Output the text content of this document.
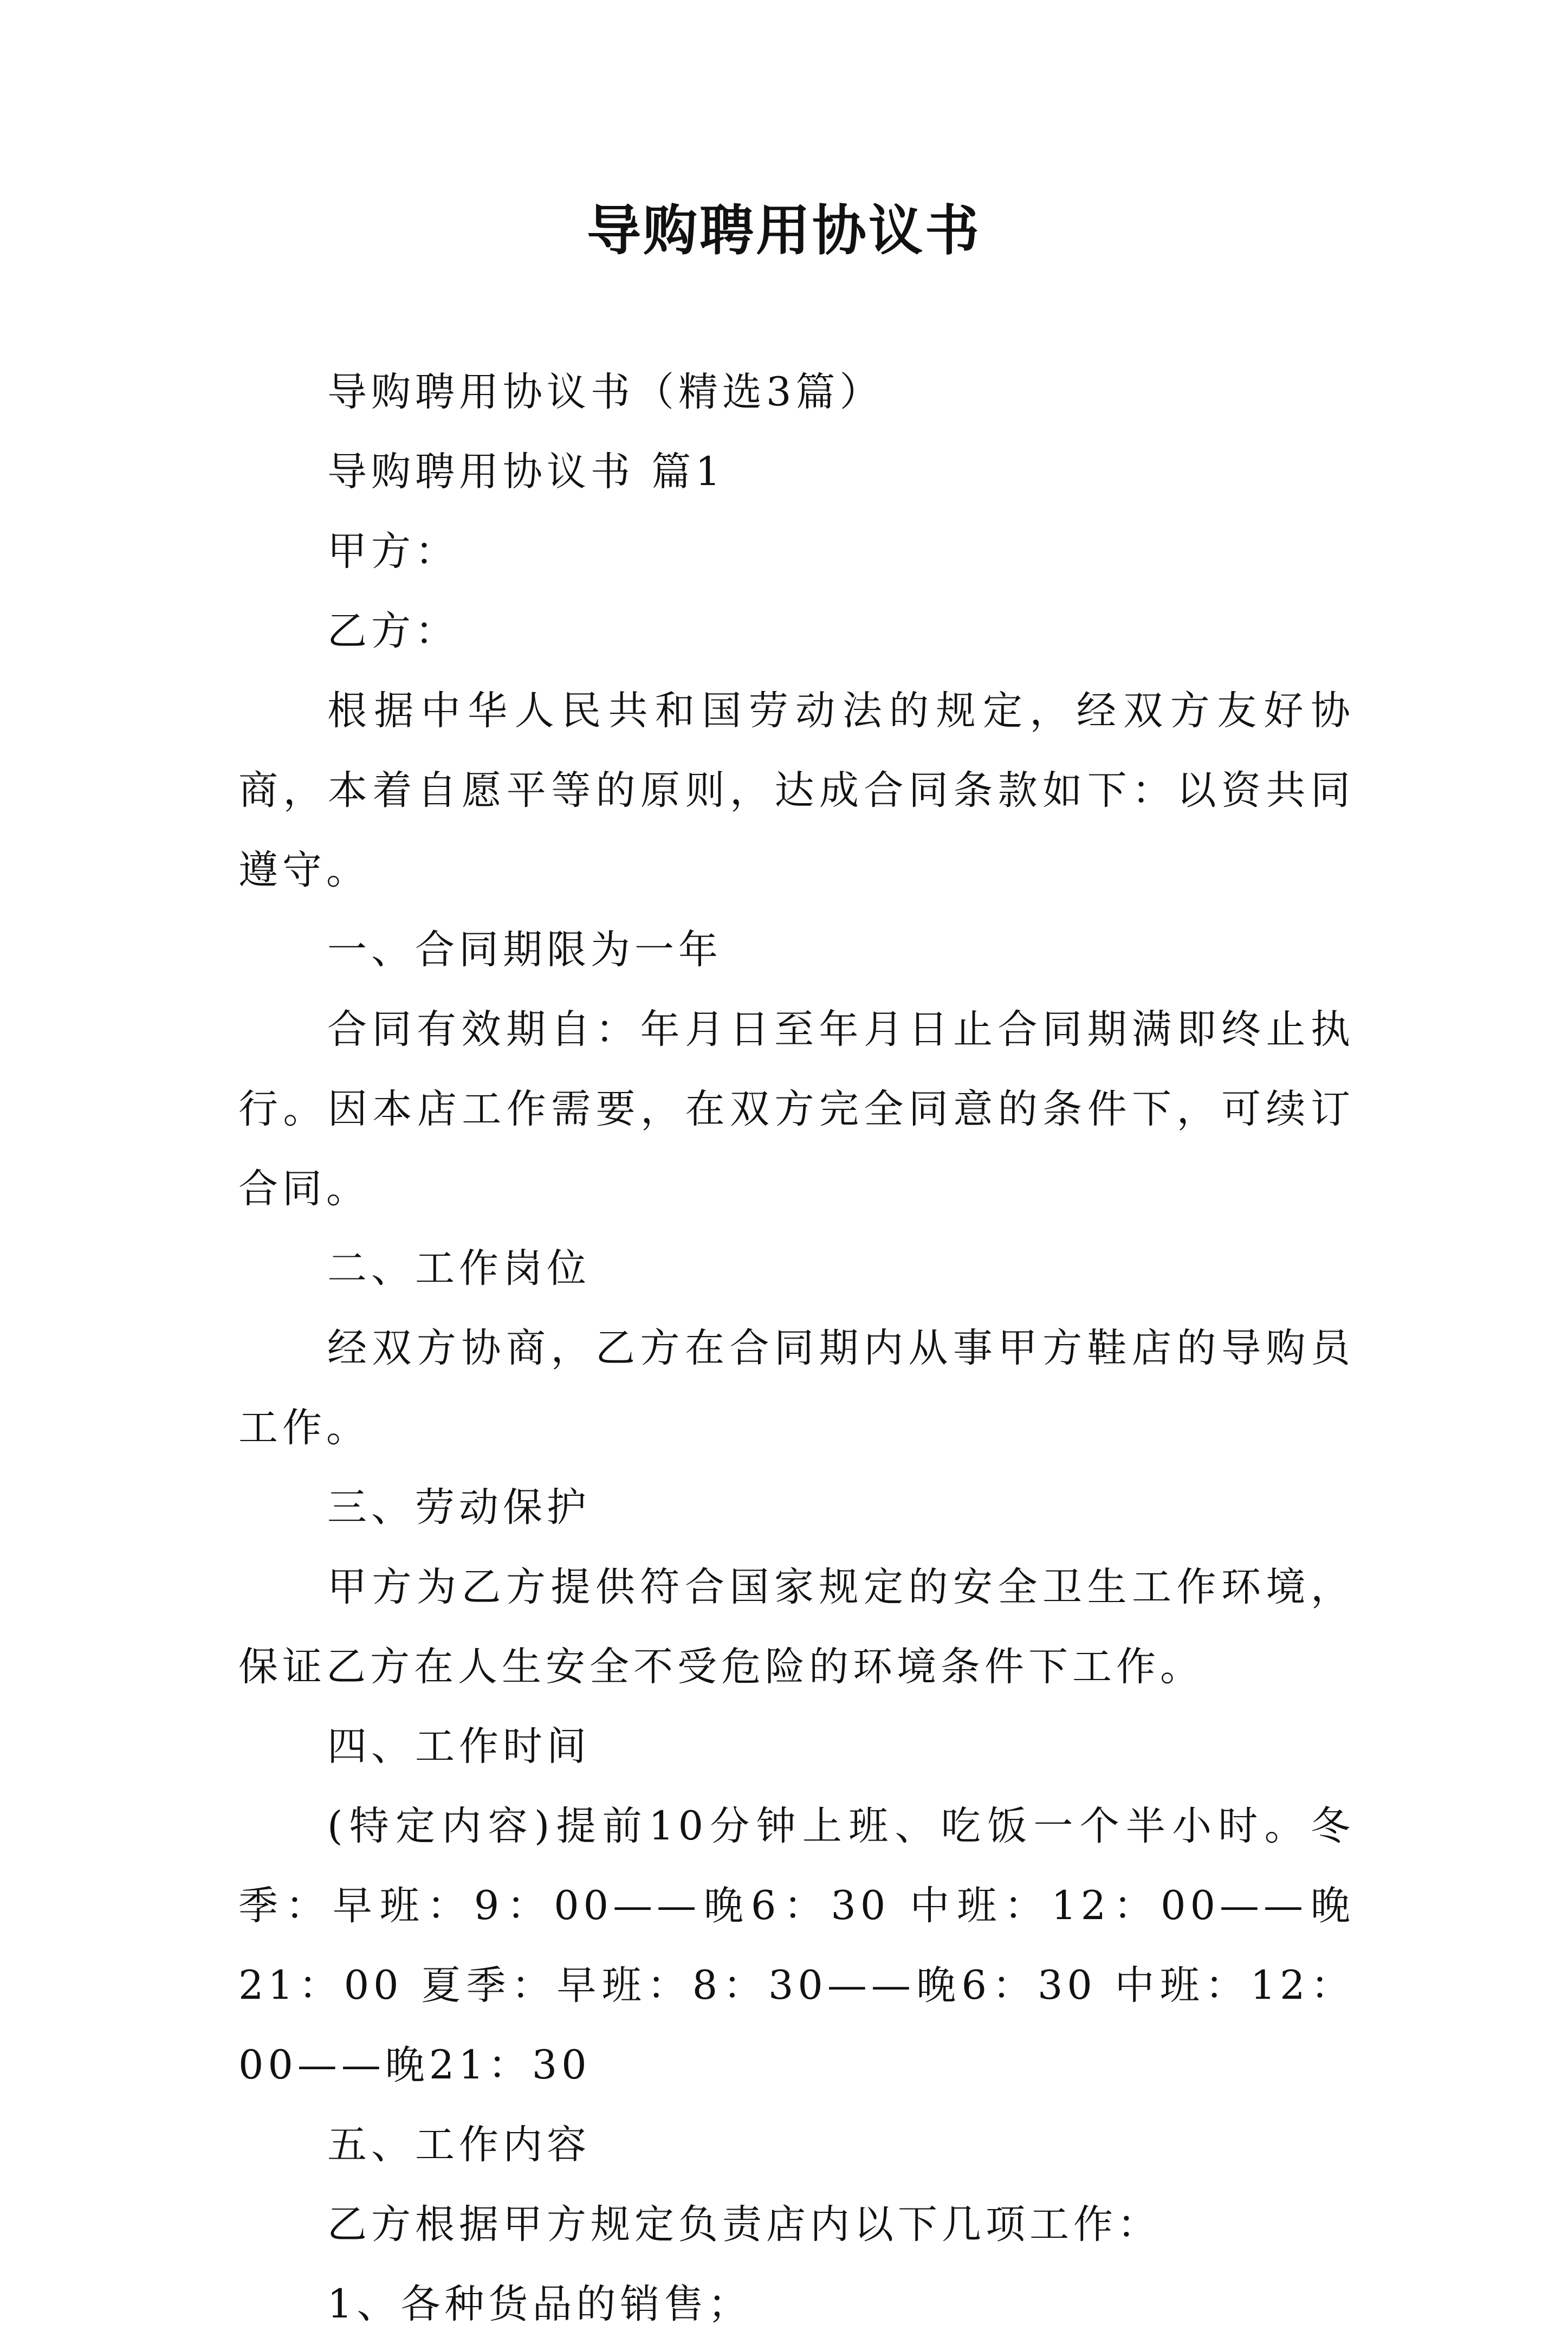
导购聘用协议书

导购聘用协议书（精选3篇）

导购聘用协议书 篇1

甲方：

乙方：

根据中华人民共和国劳动法的规定，经双方友好协商，本着自愿平等的原则，达成合同条款如下：以资共同遵守。

一、合同期限为一年

合同有效期自：年月日至年月日止合同期满即终止执行。因本店工作需要，在双方完全同意的条件下，可续订合同。

二、工作岗位

经双方协商，乙方在合同期内从事甲方鞋店的导购员工作。

三、劳动保护

甲方为乙方提供符合国家规定的安全卫生工作环境，保证乙方在人生安全不受危险的环境条件下工作。

四、工作时间

(特定内容)提前10分钟上班、吃饭一个半小时。冬季：早班：9：00——晚6：30 中班：12：00——晚21：00 夏季：早班：8：30——晚6：30 中班：12：00——晚21：30

五、工作内容

乙方根据甲方规定负责店内以下几项工作：

1、各种货品的销售；
